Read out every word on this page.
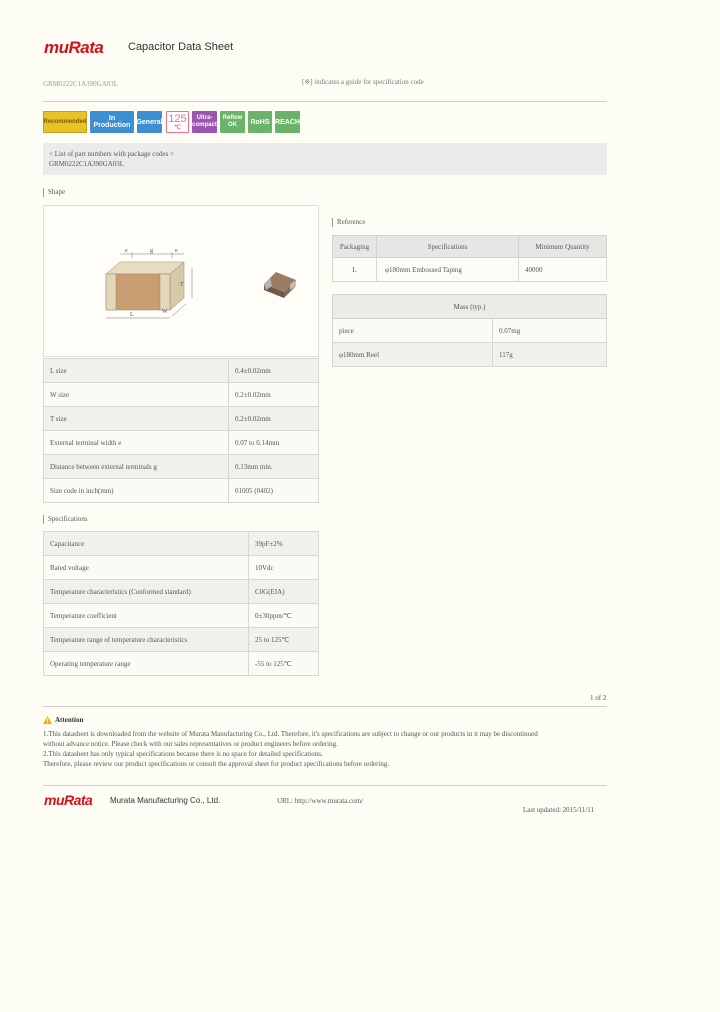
muRata Capacitor Data Sheet
GRM0222C1A390GA03L	[※] indicates a guide for specification code
Recommended	In Production General 125
℃
Ultra-compact
Reflow OK	RoHS REACH
< List of part numbers with package codes >
GRM0222C1A390GA03L
Shape
e	g	e
T
L	W
L size	0.4±0.02mm
W size	0.2±0.02mm
T size	0.2±0.02mm
External terminal width e	0.07 to 0.14mm
Distance between external terminals g	0.13mm min.
Size code in inch(mm)	01005 (0402)
Specifications
Capacitance	39pF±2%
Rated voltage	10Vdc
Temperature characteristics (Conformed standard)	C0G(EIA)
Temperature coefficient	0±30ppm/℃
Temperature range of temperature characteristics	25 to 125℃
Operating temperature range	-55 to 125℃
Reference
Packaging	Specifications	Minimum Quantity
L	φ180mm Embossed Taping	40000
Mass (typ.)	
piece	0.07mg
φ180mm Reel	117g
1 of 2
Attention
1.This datasheet is downloaded from the website of Murata Manufacturing Co., Ltd. Therefore, it's specifications are subject to change or our products in it may be discontinued
without advance notice. Please check with our sales representatives or product engineers before ordering.
2.This datasheet has only typical specifications because there is no space for detailed specifications.
Therefore, please review our product specifications or consult the approval sheet for product specifications before ordering.
muRata Murata Manufacturing Co., Ltd.	URL: http://www.murata.com/
Last updated: 2015/11/11
